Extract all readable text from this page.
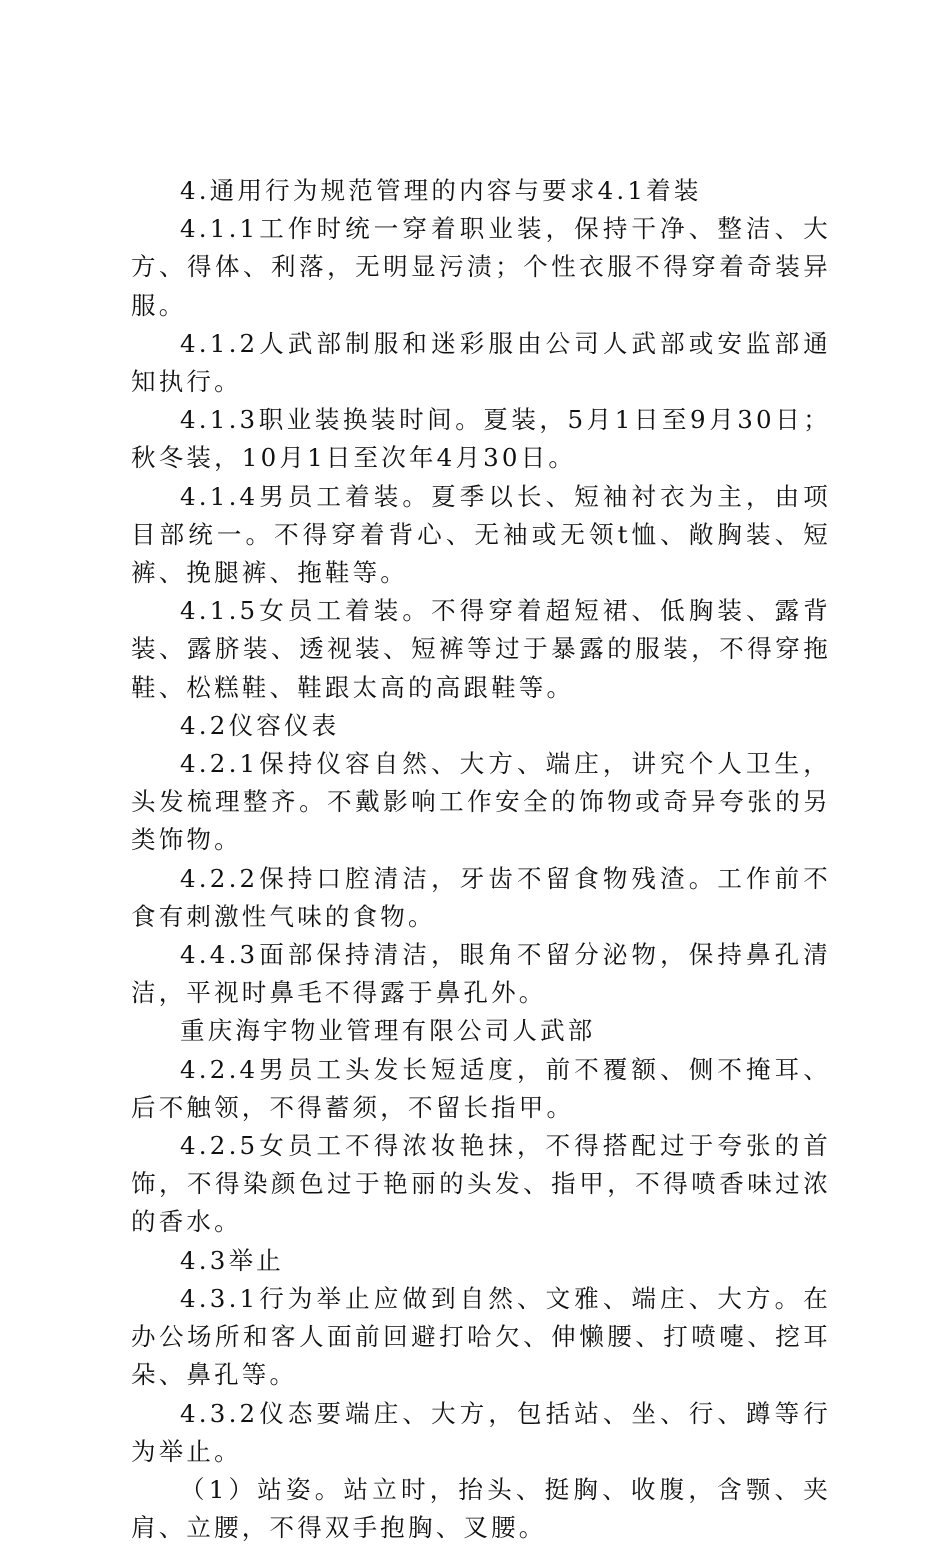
4.通用行为规范管理的内容与要求4.1着装

4.1.1工作时统一穿着职业装，保持干净、整洁、大方、得体、利落，无明显污渍；个性衣服不得穿着奇装异服。

4.1.2人武部制服和迷彩服由公司人武部或安监部通知执行。

4.1.3职业装换装时间。夏装，5月1日至9月30日；秋冬装，10月1日至次年4月30日。

4.1.4男员工着装。夏季以长、短袖衬衣为主，由项目部统一。不得穿着背心、无袖或无领t恤、敞胸装、短裤、挽腿裤、拖鞋等。

4.1.5女员工着装。不得穿着超短裙、低胸装、露背装、露脐装、透视装、短裤等过于暴露的服装，不得穿拖鞋、松糕鞋、鞋跟太高的高跟鞋等。

4.2仪容仪表

4.2.1保持仪容自然、大方、端庄，讲究个人卫生，头发梳理整齐。不戴影响工作安全的饰物或奇异夸张的另类饰物。

4.2.2保持口腔清洁，牙齿不留食物残渣。工作前不食有刺激性气味的食物。

4.4.3面部保持清洁，眼角不留分泌物，保持鼻孔清洁，平视时鼻毛不得露于鼻孔外。

重庆海宇物业管理有限公司人武部

4.2.4男员工头发长短适度，前不覆额、侧不掩耳、后不触领，不得蓄须，不留长指甲。

4.2.5女员工不得浓妆艳抹，不得搭配过于夸张的首饰，不得染颜色过于艳丽的头发、指甲，不得喷香味过浓的香水。

4.3举止

4.3.1行为举止应做到自然、文雅、端庄、大方。在办公场所和客人面前回避打哈欠、伸懒腰、打喷嚏、挖耳朵、鼻孔等。

4.3.2仪态要端庄、大方，包括站、坐、行、蹲等行为举止。

（1）站姿。站立时，抬头、挺胸、收腹，含颚、夹肩、立腰，不得双手抱胸、叉腰。
